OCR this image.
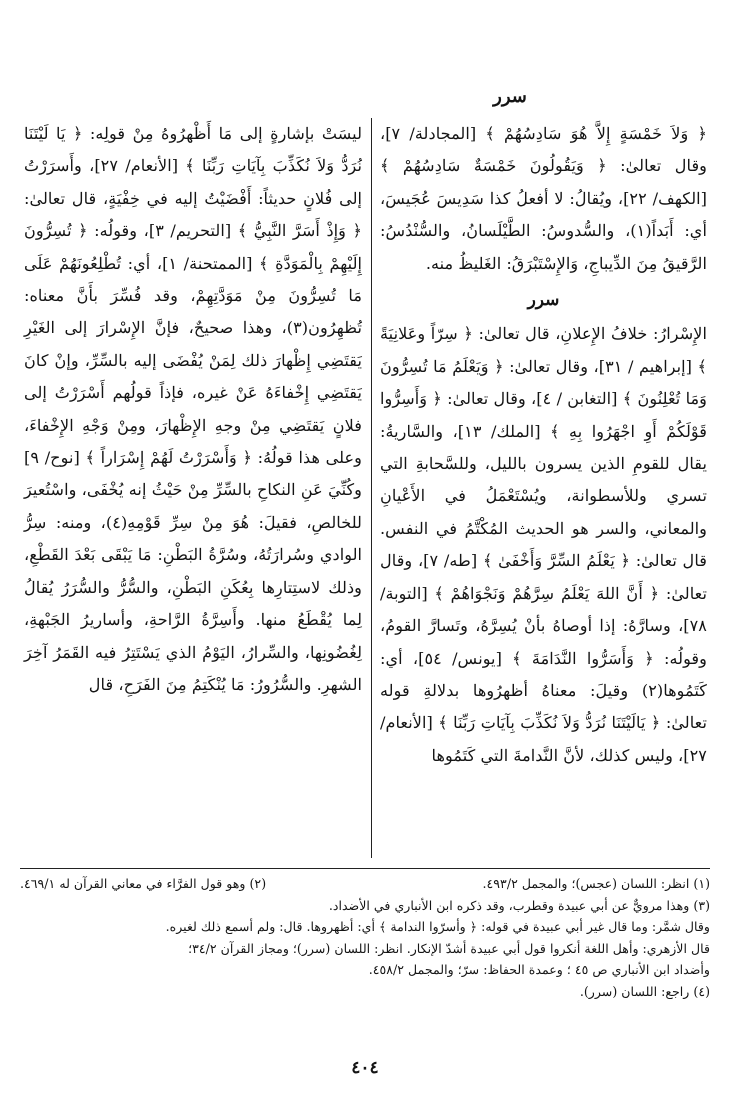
سرر

﴿ وَلاَ خَمْسَةٍ إِلاَّ هُوَ سَادِسُهُمْ ﴾ [المجادلة/ ٧]، وقال تعالىٰ: ﴿ وَيَقُولُونَ خَمْسَةٌ سَادِسُهُمْ ﴾ [الكهف/ ٢٢]، ويُقالُ: لا أفعلُ كذا سَدِيسَ عُجَيسَ، أي: أَبَداً(١)، والسُّدوسُ: الطَّيْلَسانُ، والسُّنْدُسُ: الرَّقيقُ مِنَ الدِّيباجِ، وَالإِسْتَبْرَقُ: الغَليظُ منه.

سرر

الإِسْرارُ: خلافُ الإِعلانِ، قال تعالىٰ: ﴿ سِرّاً وعَلانِيَةً ﴾ [إبراهيم / ٣١]، وقال تعالىٰ: ﴿ وَيَعْلَمُ مَا تُسِرُّونَ وَمَا تُعْلِنُونَ ﴾ [التغابن / ٤]، وقال تعالىٰ: ﴿ وَأَسِرُّوا قَوْلَكُمْ أَوِ اجْهَرُوا بِهِ ﴾ [الملك/ ١٣]، والسَّاريةُ: يقال للقومِ الذين يسرون بالليل، وللسَّحابةِ التي تسري وللأسطوانة، ويُسْتَعْمَلُ في الأَعْيانِ والمعاني، والسر هو الحديث المُكْتَّمُ في النفس. قال تعالىٰ: ﴿ يَعْلَمُ السِّرَّ وَأَخْفَىٰ ﴾ [طه/ ٧]، وقال تعالىٰ: ﴿ أَنَّ اللهَ يَعْلَمُ سِرَّهُمْ وَنَجْوَاهُمْ ﴾ [التوبة/ ٧٨]، وسارَّهُ: إذا أوصاهُ بأنْ يُسِرَّهُ، وتَسارَّ القومُ، وقولُه: ﴿ وَأَسَرُّوا النَّدَامَةَ ﴾ [يونس/ ٥٤]، أي: كَتَمُوها(٢) وقيلَ: معناهُ أظهرُوها بدلالةِ قوله تعالىٰ: ﴿ يَالَيْتَنَا نُرَدُّ وَلاَ نُكَذِّبَ بِآيَاتِ رَبِّنَا ﴾ [الأنعام/ ٢٧]، وليس كذلك، لأنَّ النَّدامةَ التي كَتَمُوها

ليسَتْ بإشارةٍ إلى مَا أَظْهرُوهُ مِنْ قولِه: ﴿ يَا لَيْتَنَا نُرَدُّ وَلاَ نُكَذِّبَ بِآيَاتِ رَبِّنَا ﴾ [الأنعام/ ٢٧]، وأَسرَرْتُ إلى فُلانٍ حديثاً: أَفْضَيْتُ إليه في خِفْيَةٍ، قال تعالىٰ: ﴿ وَإِذْ أَسَرَّ النَّبِيُّ ﴾ [التحريم/ ٣]، وقولُه: ﴿ تُسِرُّونَ إِلَيْهِمْ بِالْمَوَدَّةِ ﴾ [الممتحنة/ ١]، أي: تُطْلِعُونَهُمْ عَلَى مَا تُسِرُّونَ مِنْ مَوَدَّتِهِمْ، وقد فُسِّرَ بأَنَّ معناه: تُظهِرُون(٣)، وهذا صحيحٌ، فإنَّ الإِسْرارَ إلى الغَيْرِ يَقتَضِي إِظْهارَ ذلك لِمَنْ يُفْضَى إليه بالسِّرِّ، وإنْ كانَ يَقتَضِي إِخْفاءَهُ عَنْ غيره، فإذاً قولُهم أَسْرَرْتُ إلى فلانٍ يَقتَضِي مِنْ وجهِ الإِظْهارَ، ومِنْ وَجْهِ الإِخْفاءَ، وعلى هذا قولُهُ: ﴿ وَأَسْرَرْتُ لَهُمْ إِسْرَاراً ﴾ [نوح/ ٩] وكُنِّيَ عَنِ النكاحِ بالسِّرِّ مِنْ حَيْثُ إنه يُخْفَى، واسْتُعيرَ للخالصِ، فقيلَ: هُوَ مِنْ سِرِّ قَوْمِهِ(٤)، ومنه: سِرُّ الوادي وسُرارَتُهُ، وسُرَّةُ البَطْنِ: مَا يَبْقَى بَعْدَ القَطْعِ، وذلك لاستِتارِها بِعُكَنِ البَطْنِ، والسُّرُّ والسُّرَرُ يُقالُ لِما يُقْطَعُ منها. وأَسِرَّةُ الرَّاحةِ، وأساريرُ الجَبْهةِ، لِغُضُونِها، والسِّرارُ، اليَوْمُ الذي يَسْتَتِرُ فيه القَمَرُ آخِرَ الشهرِ. والسُّرُورُ: مَا يُنْكَتِمُ مِنَ الفَرَحِ، قال

(١) انظر: اللسان (عجس)؛ والمجمل ٤٩٣/٢.
(٢) وهو قول الفرَّاء في معاني القرآن له ٤٦٩/١.
(٣) وهذا مرويٌّ عن أبي عبيدة وقطرب، وقد ذكره ابن الأنباري في الأضداد.
وقال شمَّر: وما قال غير أبي عبيدة في قوله: ﴿ وأسرّوا الندامة ﴾ أي: أظهروها. قال: ولم أسمع ذلك لغيره.
قال الأزهري: وأهل اللغة أنكروا قول أبي عبيدة أشدّ الإنكار. انظر: اللسان (سرر)؛ ومجاز القرآن ٣٤/٢؛
وأضداد ابن الأنباري ص ٤٥ ؛ وعمدة الحفاظ: سرّ؛ والمجمل ٤٥٨/٢.
(٤) راجع: اللسان (سرر).
٤٠٤
